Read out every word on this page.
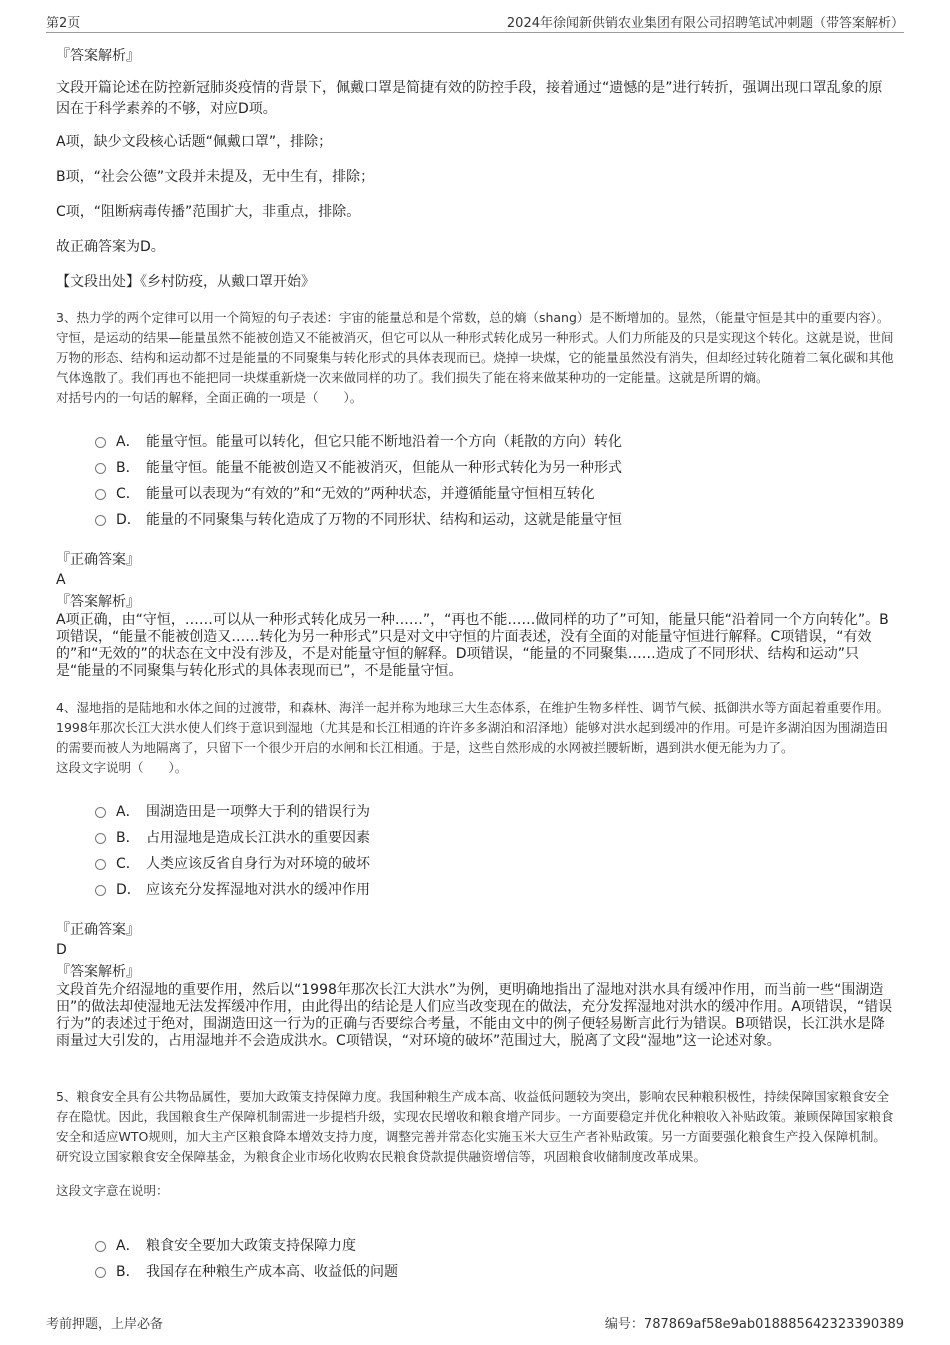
第2页	2024年徐闻新供销农业集团有限公司招聘笔试冲刺题（带答案解析）
『答案解析』

文段开篇论述在防控新冠肺炎疫情的背景下，佩戴口罩是简捷有效的防控手段，接着通过“遗憾的是”进行转折，强调出现口罩乱象的原因在于科学素养的不够，对应D项。

A项，缺少文段核心话题“佩戴口罩”，排除；

B项，“社会公德”文段并未提及，无中生有，排除；

C项，“阻断病毒传播”范围扩大，非重点，排除。

故正确答案为D。

【文段出处】《乡村防疫，从戴口罩开始》

3、热力学的两个定律可以用一个简短的句子表述：宇宙的能量总和是个常数，总的熵（shang）是不断增加的。显然，（能量守恒是其中的重要内容）。守恒，是运动的结果—能量虽然不能被创造又不能被消灭，但它可以从一种形式转化成另一种形式。人们力所能及的只是实现这个转化。这就是说，世间万物的形态、结构和运动都不过是能量的不同聚集与转化形式的具体表现而已。烧掉一块煤，它的能量虽然没有消失，但却经过转化随着二氧化碳和其他气体逸散了。我们再也不能把同一块煤重新烧一次来做同样的功了。我们损失了能在将来做某种功的一定能量。这就是所谓的熵。

对括号内的一句话的解释，全面正确的一项是（　　）。

A． 能量守恒。能量可以转化，但它只能不断地沿着一个方向（耗散的方向）转化
B． 能量守恒。能量不能被创造又不能被消灭，但能从一种形式转化为另一种形式
C． 能量可以表现为“有效的”和“无效的”两种状态，并遵循能量守恒相互转化
D． 能量的不同聚集与转化造成了万物的不同形状、结构和运动，这就是能量守恒
『正确答案』
A
『答案解析』

A项正确，由“守恒，……可以从一种形式转化成另一种……”，“再也不能……做同样的功了”可知，能量只能“沿着同一个方向转化”。B项错误，“能量不能被创造又……转化为另一种形式”只是对文中守恒的片面表述，没有全面的对能量守恒进行解释。C项错误，“有效的”和“无效的”的状态在文中没有涉及，不是对能量守恒的解释。D项错误，“能量的不同聚集……造成了不同形状、结构和运动”只是“能量的不同聚集与转化形式的具体表现而已”，不是能量守恒。

4、湿地指的是陆地和水体之间的过渡带，和森林、海洋一起并称为地球三大生态体系，在维护生物多样性、调节气候、抵御洪水等方面起着重要作用。1998年那次长江大洪水使人们终于意识到湿地（尤其是和长江相通的许许多多湖泊和沼泽地）能够对洪水起到缓冲的作用。可是许多湖泊因为围湖造田的需要而被人为地隔离了，只留下一个很少开启的水闸和长江相通。于是，这些自然形成的水网被拦腰斩断，遇到洪水便无能为力了。

这段文字说明（　　）。

A． 围湖造田是一项弊大于利的错误行为
B． 占用湿地是造成长江洪水的重要因素
C． 人类应该反省自身行为对环境的破坏
D． 应该充分发挥湿地对洪水的缓冲作用
『正确答案』
D
『答案解析』

文段首先介绍湿地的重要作用，然后以“1998年那次长江大洪水”为例，更明确地指出了湿地对洪水具有缓冲作用，而当前一些“围湖造田”的做法却使湿地无法发挥缓冲作用，由此得出的结论是人们应当改变现在的做法，充分发挥湿地对洪水的缓冲作用。A项错误，“错误行为”的表述过于绝对，围湖造田这一行为的正确与否要综合考量，不能由文中的例子便轻易断言此行为错误。B项错误，长江洪水是降雨量过大引发的，占用湿地并不会造成洪水。C项错误，“对环境的破坏”范围过大，脱离了文段“湿地”这一论述对象。

5、粮食安全具有公共物品属性，要加大政策支持保障力度。我国种粮生产成本高、收益低问题较为突出，影响农民种粮积极性，持续保障国家粮食安全存在隐忧。因此，我国粮食生产保障机制需进一步提档升级，实现农民增收和粮食增产同步。一方面要稳定并优化种粮收入补贴政策。兼顾保障国家粮食安全和适应WTO规则，加大主产区粮食降本增效支持力度，调整完善并常态化实施玉米大豆生产者补贴政策。另一方面要强化粮食生产投入保障机制。研究设立国家粮食安全保障基金，为粮食企业市场化收购农民粮食贷款提供融资增信等，巩固粮食收储制度改革成果。

这段文字意在说明：

A． 粮食安全要加大政策支持保障力度
B． 我国存在种粮生产成本高、收益低的问题
考前押题，上岸必备	编号：787869af58e9ab018885642323390389
